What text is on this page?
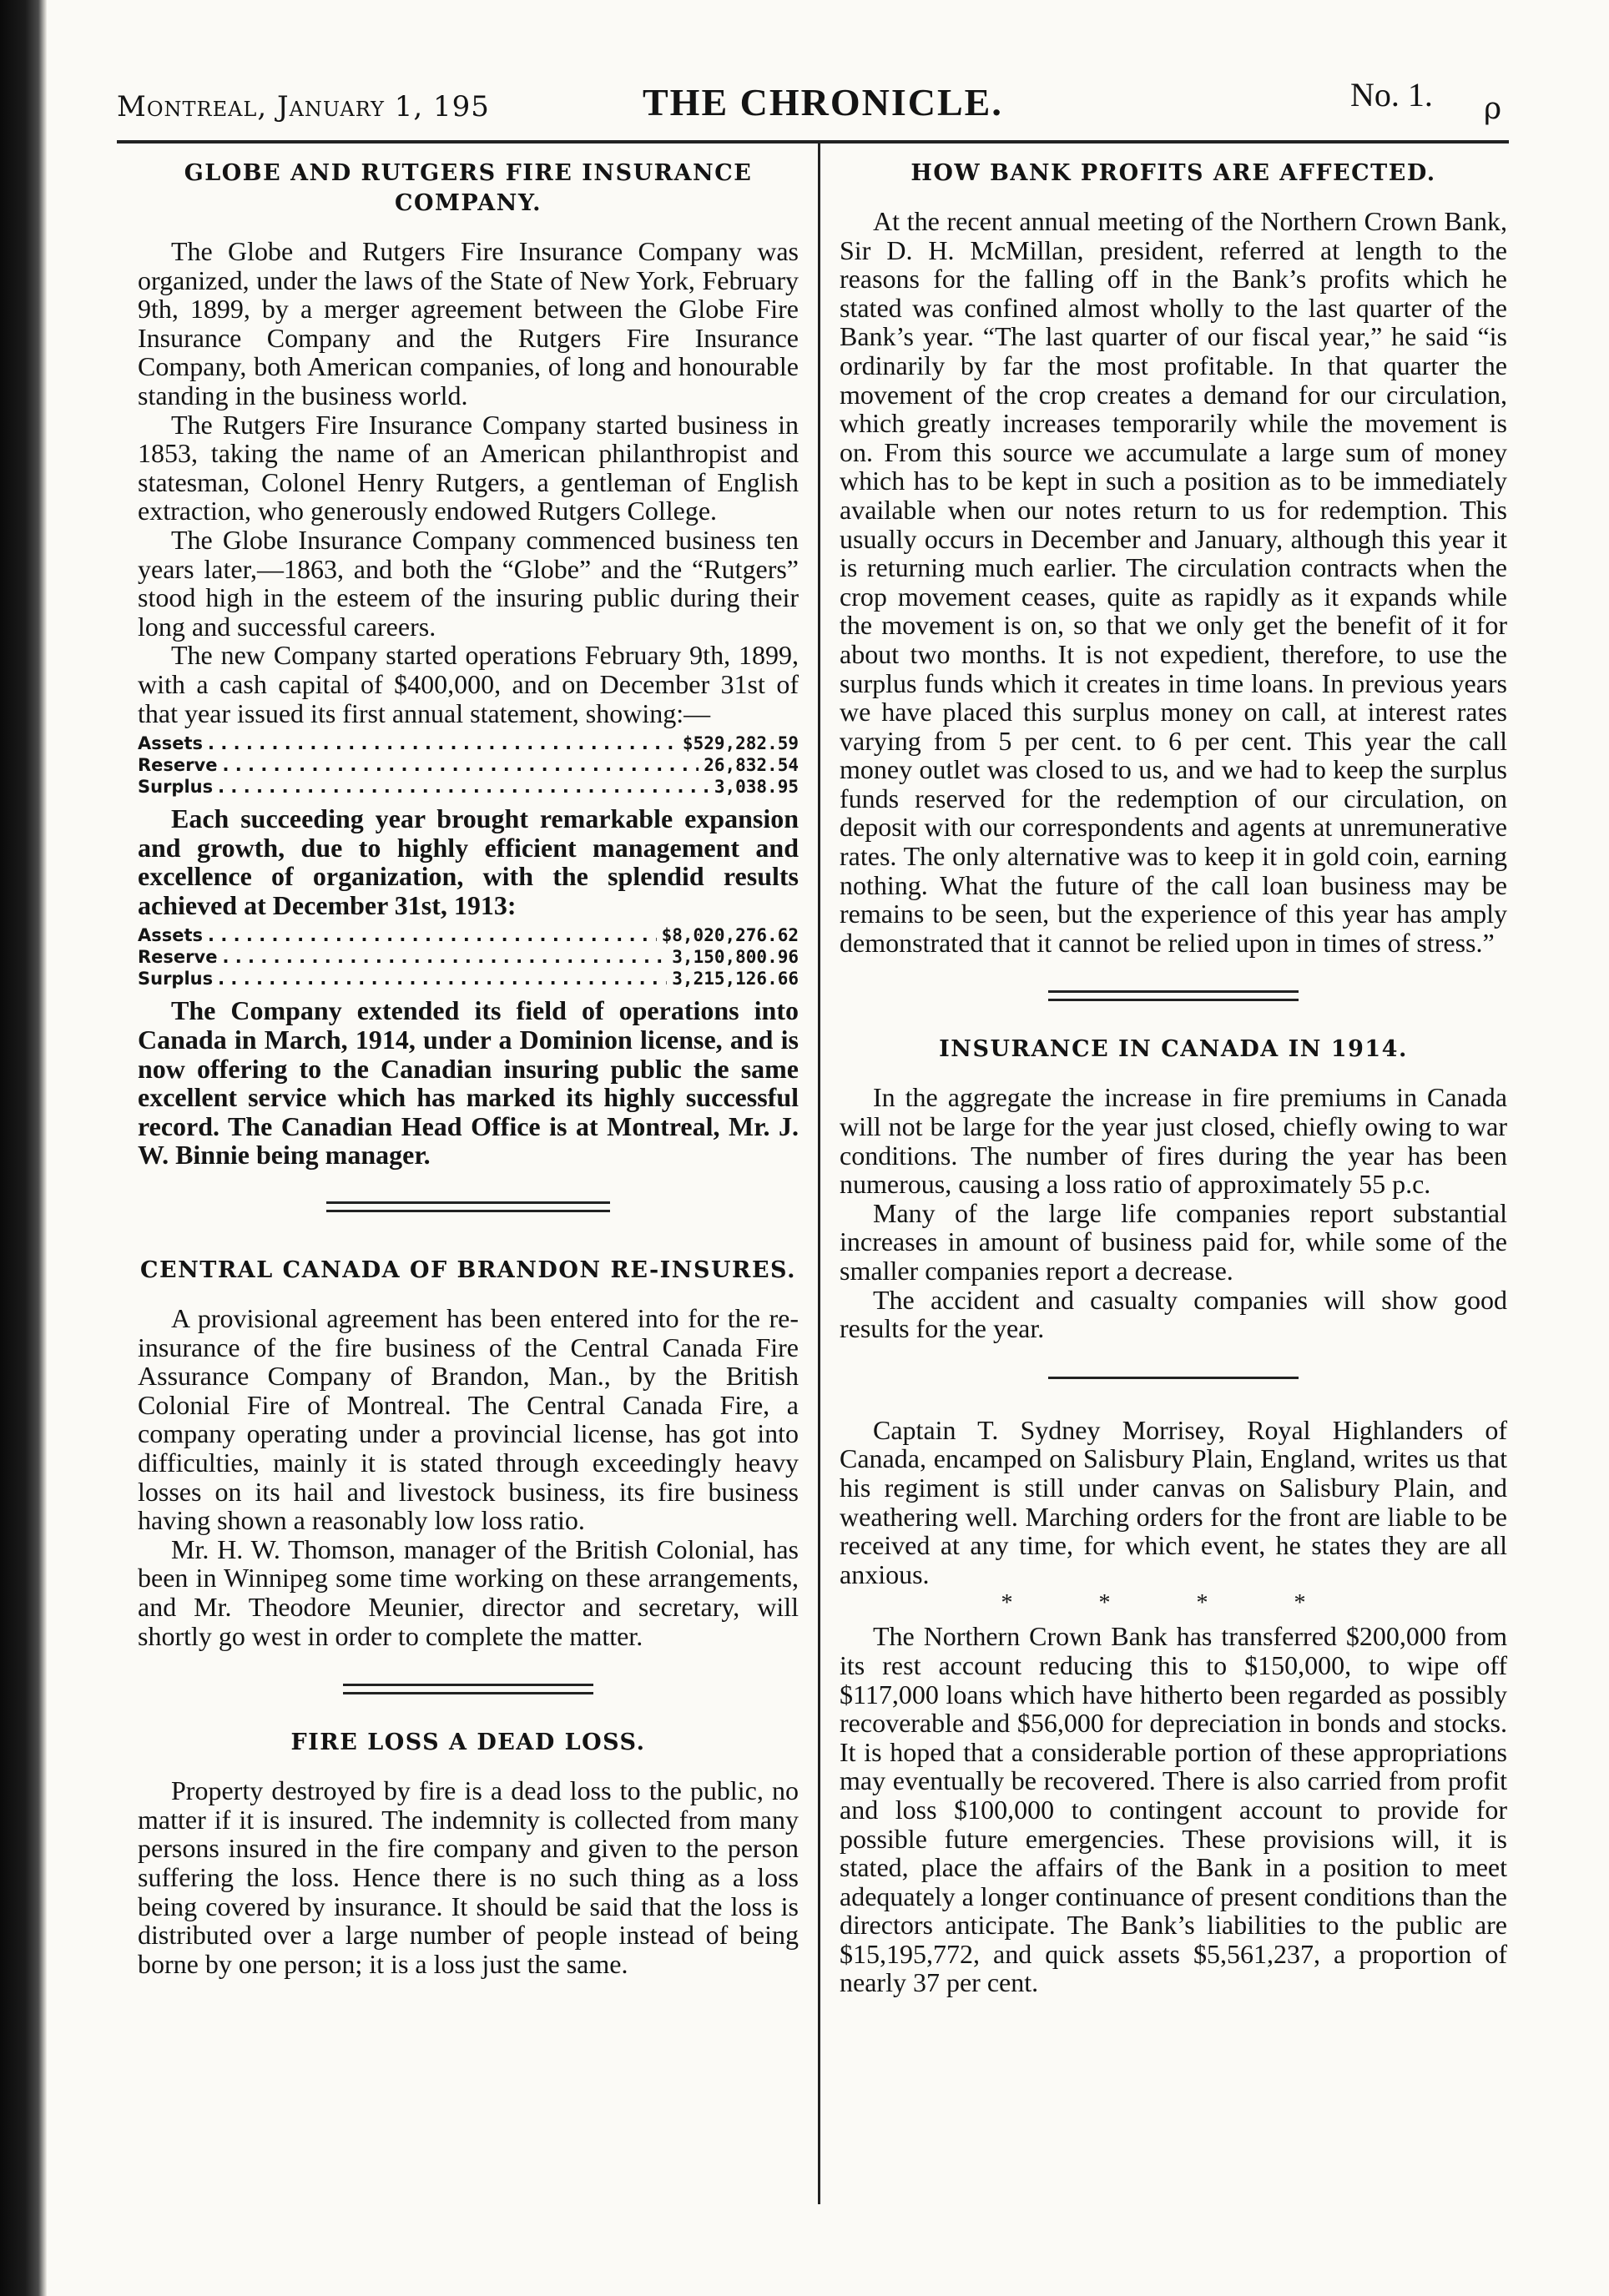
Montreal, January 1, 195	THE CHRONICLE.	No. 1. ρ
GLOBE AND RUTGERS FIRE INSURANCE COMPANY.

The Globe and Rutgers Fire Insurance Company was organized, under the laws of the State of New York, February 9th, 1899, by a merger agreement between the Globe Fire Insurance Company and the Rutgers Fire Insurance Company, both American companies, of long and honourable standing in the business world.

The Rutgers Fire Insurance Company started business in 1853, taking the name of an American philanthropist and statesman, Colonel Henry Rutgers, a gentleman of English extraction, who generously endowed Rutgers College.

The Globe Insurance Company commenced business ten years later,—1863, and both the “Globe” and the “Rutgers” stood high in the esteem of the insuring public during their long and successful careers.

The new Company started operations February 9th, 1899, with a cash capital of $400,000, and on December 31st of that year issued its first annual statement, showing:—

Assets . . .	$529,282.59
Reserve . . .	26,832.54
Surplus . . .	3,038.95

Each succeeding year brought remarkable expansion and growth, due to highly efficient management and excellence of organization, with the splendid results achieved at December 31st, 1913:

Assets . . .	$8,020,276.62
Reserve . . .	3,150,800.96
Surplus . . .	3,215,126.66

The Company extended its field of operations into Canada in March, 1914, under a Dominion license, and is now offering to the Canadian insuring public the same excellent service which has marked its highly successful record. The Canadian Head Office is at Montreal, Mr. J. W. Binnie being manager.

CENTRAL CANADA OF BRANDON RE-INSURES.

A provisional agreement has been entered into for the re-insurance of the fire business of the Central Canada Fire Assurance Company of Brandon, Man., by the British Colonial Fire of Montreal. The Central Canada Fire, a company operating under a provincial license, has got into difficulties, mainly it is stated through exceedingly heavy losses on its hail and livestock business, its fire business having shown a reasonably low loss ratio.

Mr. H. W. Thomson, manager of the British Colonial, has been in Winnipeg some time working on these arrangements, and Mr. Theodore Meunier, director and secretary, will shortly go west in order to complete the matter.

FIRE LOSS A DEAD LOSS.

Property destroyed by fire is a dead loss to the public, no matter if it is insured. The indemnity is collected from many persons insured in the fire company and given to the person suffering the loss. Hence there is no such thing as a loss being covered by insurance. It should be said that the loss is distributed over a large number of people instead of being borne by one person; it is a loss just the same.

HOW BANK PROFITS ARE AFFECTED.

At the recent annual meeting of the Northern Crown Bank, Sir D. H. McMillan, president, referred at length to the reasons for the falling off in the Bank’s profits which he stated was confined almost wholly to the last quarter of the Bank’s year. “The last quarter of our fiscal year,” he said “is ordinarily by far the most profitable. In that quarter the movement of the crop creates a demand for our circulation, which greatly increases temporarily while the movement is on. From this source we accumulate a large sum of money which has to be kept in such a position as to be immediately available when our notes return to us for redemption. This usually occurs in December and January, although this year it is returning much earlier. The circulation contracts when the crop movement ceases, quite as rapidly as it expands while the movement is on, so that we only get the benefit of it for about two months. It is not expedient, therefore, to use the surplus funds which it creates in time loans. In previous years we have placed this surplus money on call, at interest rates varying from 5 per cent. to 6 per cent. This year the call money outlet was closed to us, and we had to keep the surplus funds reserved for the redemption of our circulation, on deposit with our correspondents and agents at unremunerative rates. The only alternative was to keep it in gold coin, earning nothing. What the future of the call loan business may be remains to be seen, but the experience of this year has amply demonstrated that it cannot be relied upon in times of stress.”

INSURANCE IN CANADA IN 1914.

In the aggregate the increase in fire premiums in Canada will not be large for the year just closed, chiefly owing to war conditions. The number of fires during the year has been numerous, causing a loss ratio of approximately 55 p.c.

Many of the large life companies report substantial increases in amount of business paid for, while some of the smaller companies report a decrease.

The accident and casualty companies will show good results for the year.

Captain T. Sydney Morrisey, Royal Highlanders of Canada, encamped on Salisbury Plain, England, writes us that his regiment is still under canvas on Salisbury Plain, and weathering well. Marching orders for the front are liable to be received at any time, for which event, he states they are all anxious.

* * * *

The Northern Crown Bank has transferred $200,000 from its rest account reducing this to $150,000, to wipe off $117,000 loans which have hitherto been regarded as possibly recoverable and $56,000 for depreciation in bonds and stocks. It is hoped that a considerable portion of these appropriations may eventually be recovered. There is also carried from profit and loss $100,000 to contingent account to provide for possible future emergencies. These provisions will, it is stated, place the affairs of the Bank in a position to meet adequately a longer continuance of present conditions than the directors anticipate. The Bank’s liabilities to the public are $15,195,772, and quick assets $5,561,237, a proportion of nearly 37 per cent.
